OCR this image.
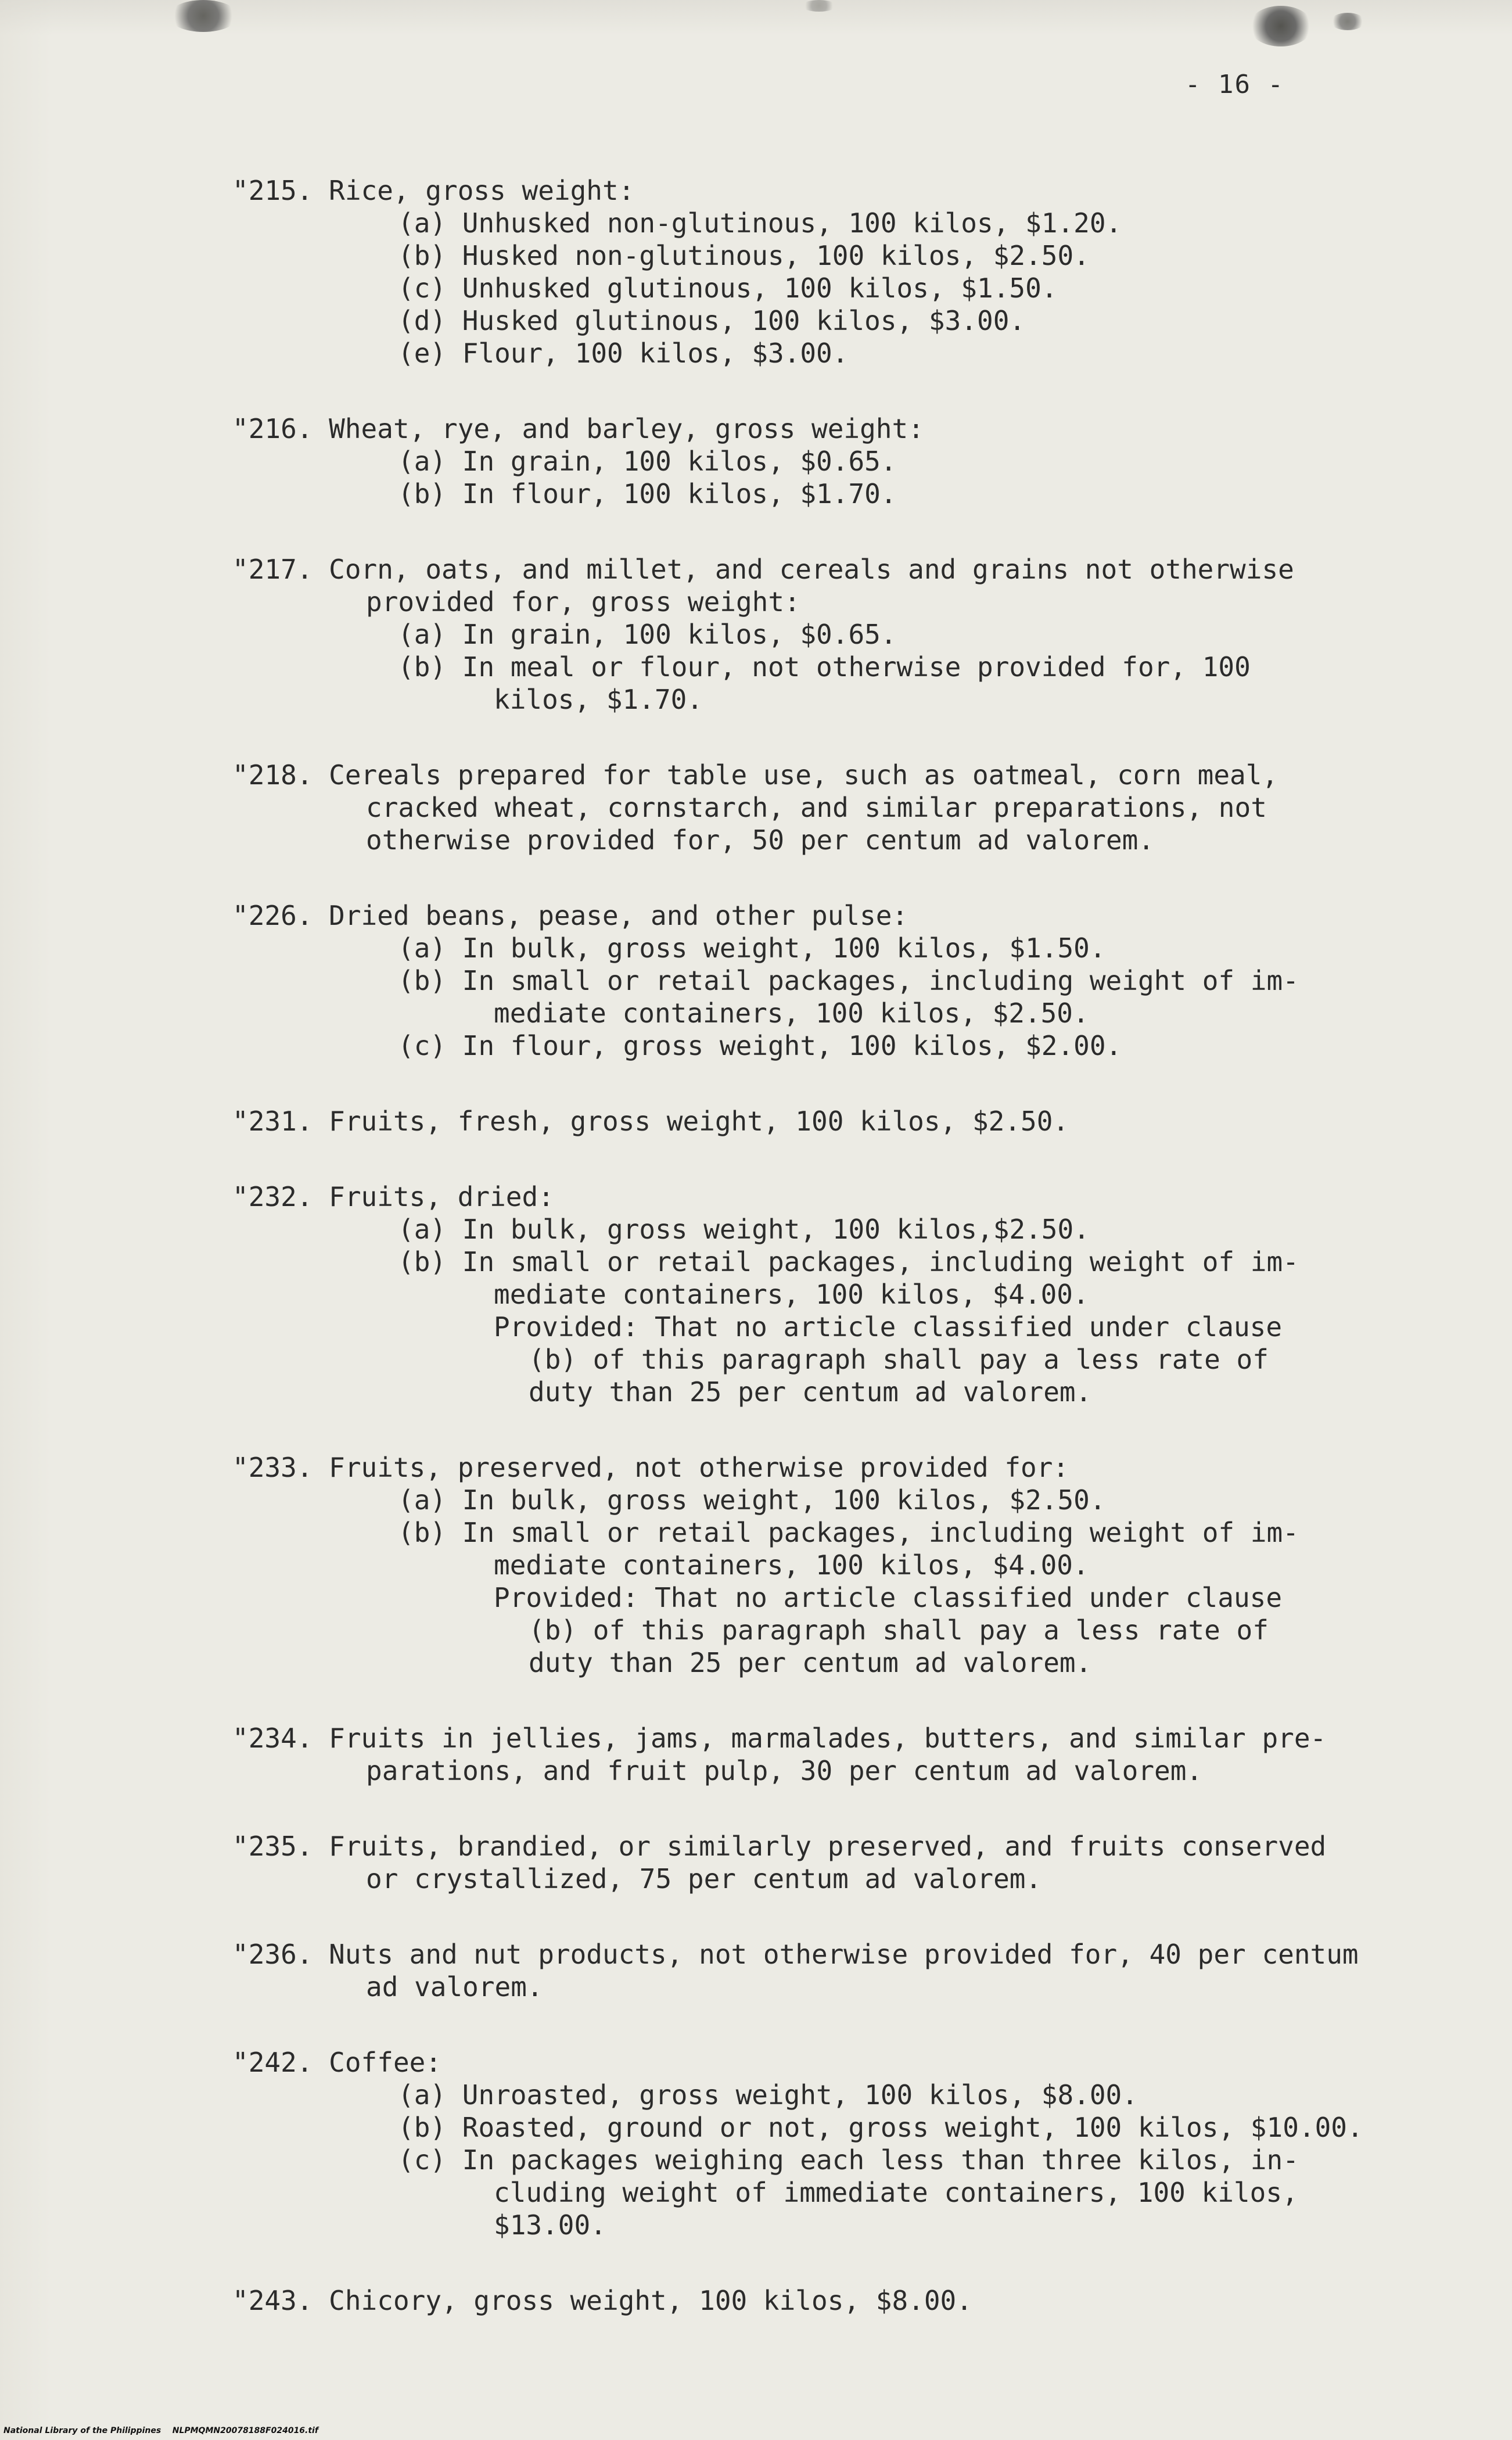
- 16 -
"215. Rice, gross weight:
(a) Unhusked non-glutinous, 100 kilos, $1.20.
(b) Husked non-glutinous, 100 kilos, $2.50.
(c) Unhusked glutinous, 100 kilos, $1.50.
(d) Husked glutinous, 100 kilos, $3.00.
(e) Flour, 100 kilos, $3.00.
"216. Wheat, rye, and barley, gross weight:
(a) In grain, 100 kilos, $0.65.
(b) In flour, 100 kilos, $1.70.
"217. Corn, oats, and millet, and cereals and grains not otherwise
provided for, gross weight:
(a) In grain, 100 kilos, $0.65.
(b) In meal or flour, not otherwise provided for, 100
kilos, $1.70.
"218. Cereals prepared for table use, such as oatmeal, corn meal,
cracked wheat, cornstarch, and similar preparations, not
otherwise provided for, 50 per centum ad valorem.
"226. Dried beans, pease, and other pulse:
(a) In bulk, gross weight, 100 kilos, $1.50.
(b) In small or retail packages, including weight of im-
mediate containers, 100 kilos, $2.50.
(c) In flour, gross weight, 100 kilos, $2.00.
"231. Fruits, fresh, gross weight, 100 kilos, $2.50.
"232. Fruits, dried:
(a) In bulk, gross weight, 100 kilos,$2.50.
(b) In small or retail packages, including weight of im-
mediate containers, 100 kilos, $4.00.
Provided: That no article classified under clause
(b) of this paragraph shall pay a less rate of
duty than 25 per centum ad valorem.
"233. Fruits, preserved, not otherwise provided for:
(a) In bulk, gross weight, 100 kilos, $2.50.
(b) In small or retail packages, including weight of im-
mediate containers, 100 kilos, $4.00.
Provided: That no article classified under clause
(b) of this paragraph shall pay a less rate of
duty than 25 per centum ad valorem.
"234. Fruits in jellies, jams, marmalades, butters, and similar pre-
parations, and fruit pulp, 30 per centum ad valorem.
"235. Fruits, brandied, or similarly preserved, and fruits conserved
or crystallized, 75 per centum ad valorem.
"236. Nuts and nut products, not otherwise provided for, 40 per centum
ad valorem.
"242. Coffee:
(a) Unroasted, gross weight, 100 kilos, $8.00.
(b) Roasted, ground or not, gross weight, 100 kilos, $10.00.
(c) In packages weighing each less than three kilos, in-
cluding weight of immediate containers, 100 kilos,
$13.00.
"243. Chicory, gross weight, 100 kilos, $8.00.
National Library of the Philippines    NLPMQMN20078188F024016.tif
